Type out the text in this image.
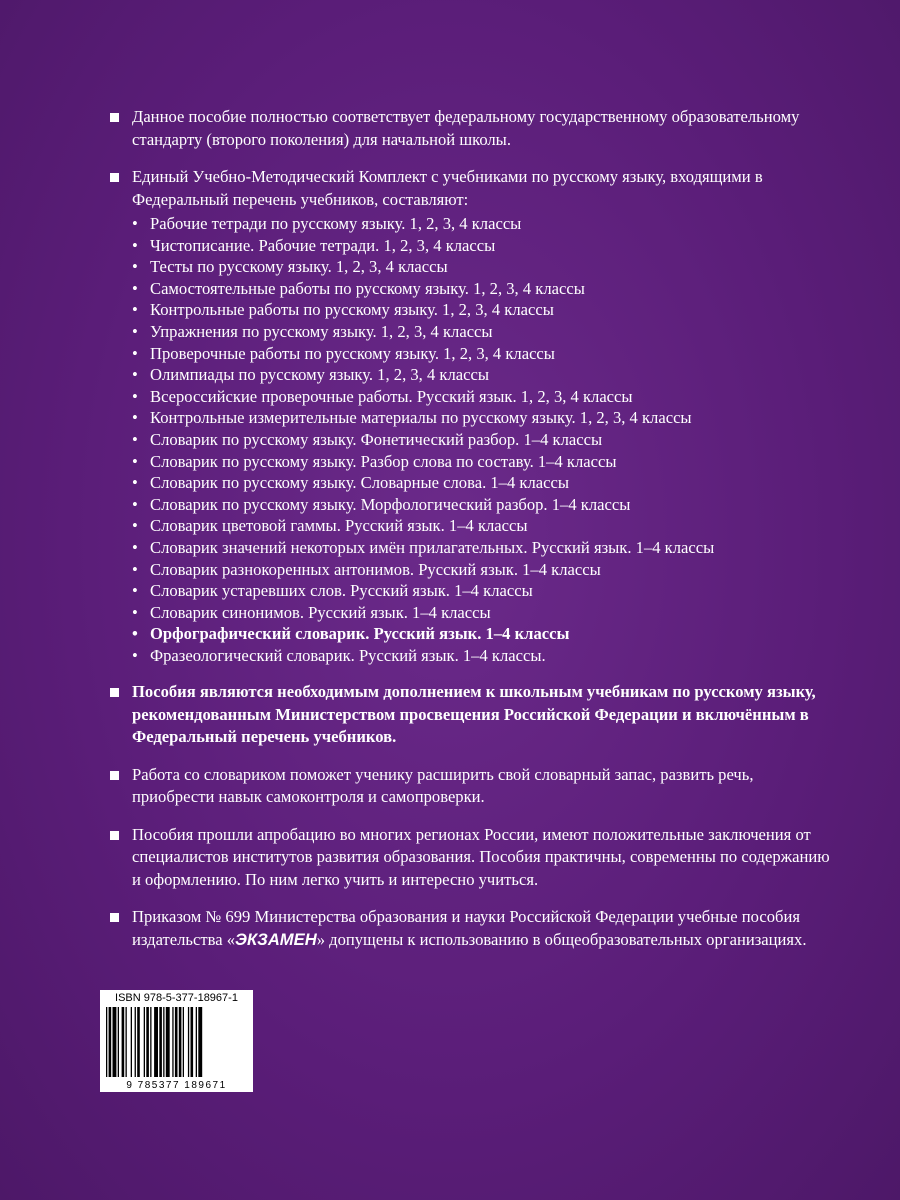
Данное пособие полностью соответствует федеральному государственному образовательному стандарту (второго поколения) для начальной школы.

Единый Учебно-Методический Комплект с учебниками по русскому языку, входящими в Федеральный перечень учебников, составляют:
• Рабочие тетради по русскому языку. 1, 2, 3, 4 классы
• Чистописание. Рабочие тетради. 1, 2, 3, 4 классы
• Тесты по русскому языку. 1, 2, 3, 4 классы
• Самостоятельные работы по русскому языку. 1, 2, 3, 4 классы
• Контрольные работы по русскому языку. 1, 2, 3, 4 классы
• Упражнения по русскому языку. 1, 2, 3, 4 классы
• Проверочные работы по русскому языку. 1, 2, 3, 4 классы
• Олимпиады по русскому языку. 1, 2, 3, 4 классы
• Всероссийские проверочные работы. Русский язык. 1, 2, 3, 4 классы
• Контрольные измерительные материалы по русскому языку. 1, 2, 3, 4 классы
• Словарик по русскому языку. Фонетический разбор. 1–4 классы
• Словарик по русскому языку. Разбор слова по составу. 1–4 классы
• Словарик по русскому языку. Словарные слова. 1–4 классы
• Словарик по русскому языку. Морфологический разбор. 1–4 классы
• Словарик цветовой гаммы. Русский язык. 1–4 классы
• Словарик значений некоторых имён прилагательных. Русский язык. 1–4 классы
• Словарик разнокоренных антонимов. Русский язык. 1–4 классы
• Словарик устаревших слов. Русский язык. 1–4 классы
• Словарик синонимов. Русский язык. 1–4 классы
• Орфографический словарик. Русский язык. 1–4 классы
• Фразеологический словарик. Русский язык. 1–4 классы.

Пособия являются необходимым дополнением к школьным учебникам по русскому языку, рекомендованным Министерством просвещения Российской Федерации и включённым в Федеральный перечень учебников.

Работа со словариком поможет ученику расширить свой словарный запас, развить речь, приобрести навык самоконтроля и самопроверки.

Пособия прошли апробацию во многих регионах России, имеют положительные заключения от специалистов институтов развития образования. Пособия практичны, современны по содержанию и оформлению. По ним легко учить и интересно учиться.

Приказом № 699 Министерства образования и науки Российской Федерации учебные пособия издательства «ЭКЗАМЕН» допущены к использованию в общеобразовательных организациях.

ISBN 978-5-377-18967-1
9 785377 189671
